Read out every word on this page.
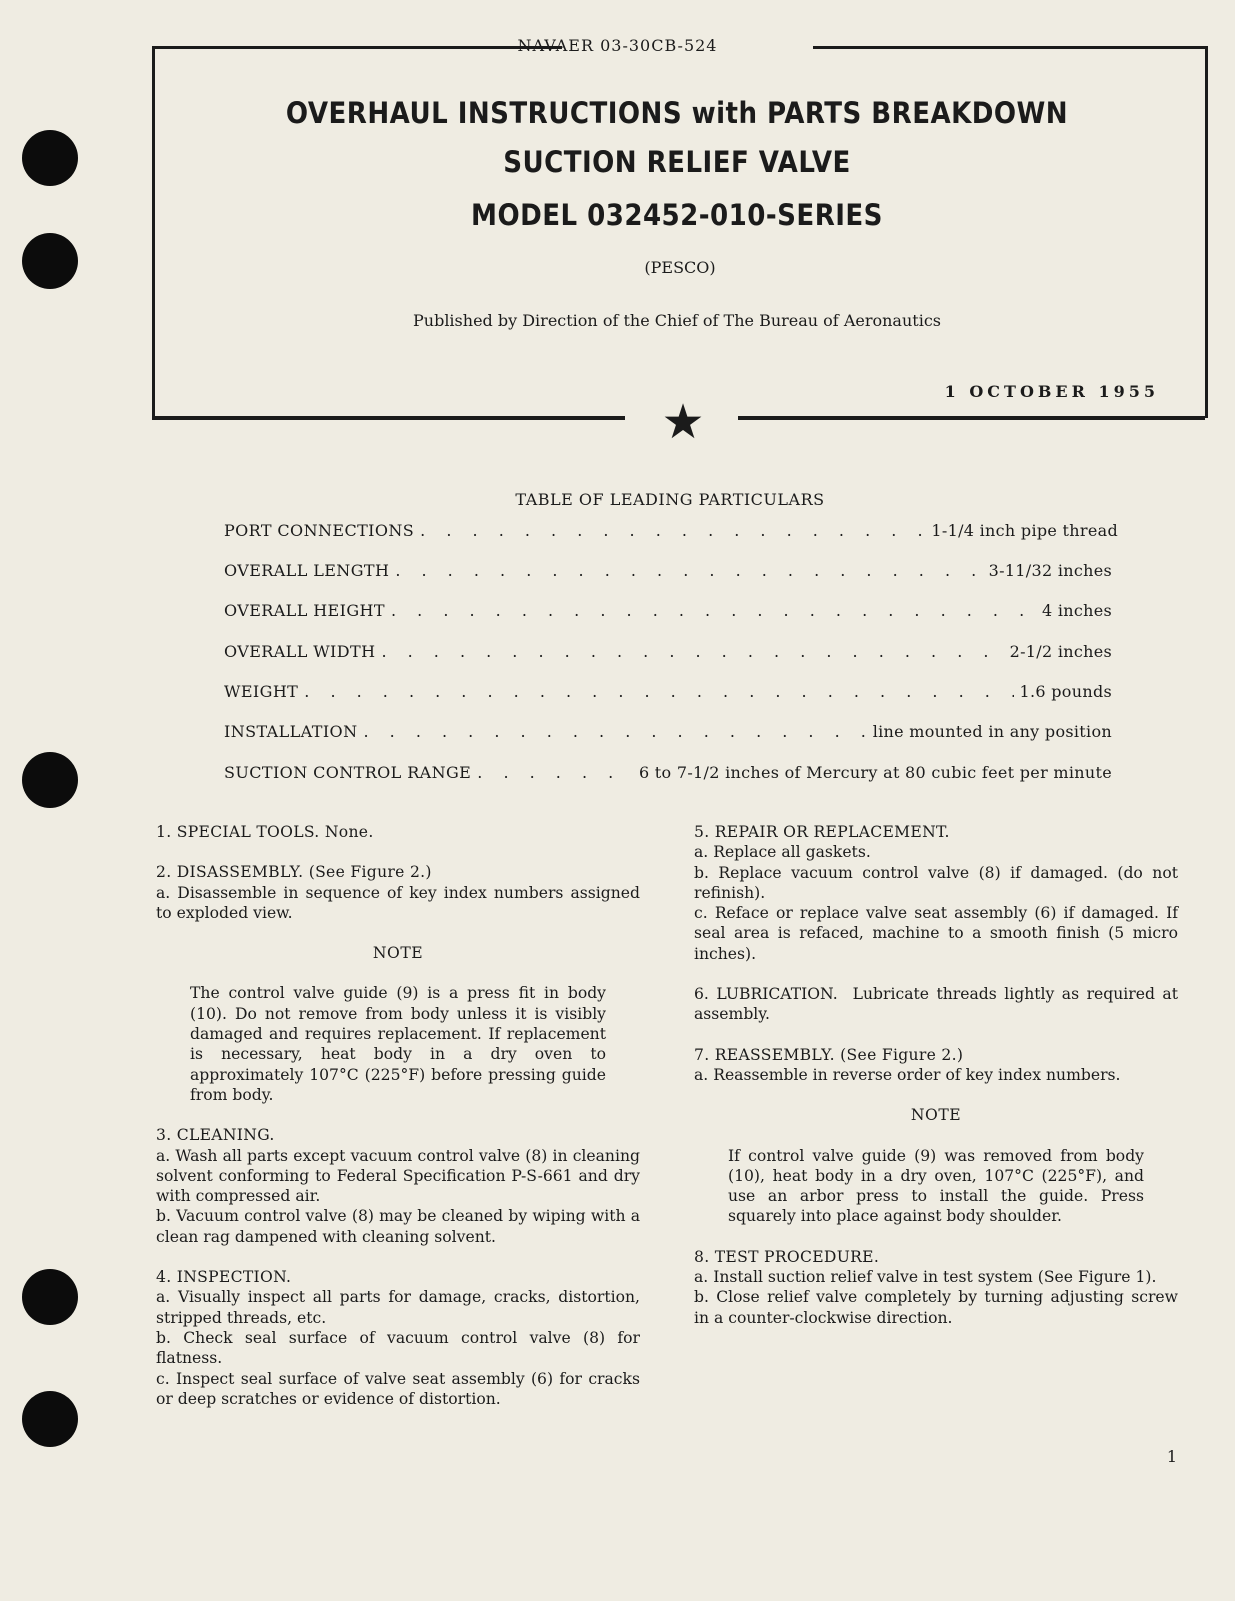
NAVAER 03-30CB-524
★
OVERHAUL INSTRUCTIONS with PARTS BREAKDOWN
SUCTION RELIEF VALVE
MODEL 032452-010-SERIES
(PESCO)
Published by Direction of the Chief of The Bureau of Aeronautics
1 OCTOBER 1955
TABLE OF LEADING PARTICULARS
PORT CONNECTIONS . . .	1-1/4 inch pipe thread
OVERALL LENGTH . . .	3-11/32 inches
OVERALL HEIGHT . . .	4 inches
OVERALL WIDTH . . .	2-1/2 inches
WEIGHT . . .	1.6 pounds
INSTALLATION . . .	line mounted in any position
SUCTION CONTROL RANGE . . .	6 to 7-1/2 inches of Mercury at 80 cubic feet per minute

1. SPECIAL TOOLS. None.

2. DISASSEMBLY. (See Figure 2.)

a. Disassemble in sequence of key index numbers assigned to exploded view.

NOTE

The control valve guide (9) is a press fit in body (10). Do not remove from body unless it is visibly damaged and requires replacement. If replacement is necessary, heat body in a dry oven to approximately 107°C (225°F) before pressing guide from body.

3. CLEANING.

a. Wash all parts except vacuum control valve (8) in cleaning solvent conforming to Federal Specification P-S-661 and dry with compressed air.

b. Vacuum control valve (8) may be cleaned by wiping with a clean rag dampened with cleaning solvent.

4. INSPECTION.

a. Visually inspect all parts for damage, cracks, distortion, stripped threads, etc.

b. Check seal surface of vacuum control valve (8) for flatness.

c. Inspect seal surface of valve seat assembly (6) for cracks or deep scratches or evidence of distortion.

5. REPAIR OR REPLACEMENT.

a. Replace all gaskets.

b. Replace vacuum control valve (8) if damaged. (do not refinish).

c. Reface or replace valve seat assembly (6) if damaged. If seal area is refaced, machine to a smooth finish (5 micro inches).

6. LUBRICATION. Lubricate threads lightly as required at assembly.

7. REASSEMBLY. (See Figure 2.)

a. Reassemble in reverse order of key index numbers.

NOTE

If control valve guide (9) was removed from body (10), heat body in a dry oven, 107°C (225°F), and use an arbor press to install the guide. Press squarely into place against body shoulder.

8. TEST PROCEDURE.

a. Install suction relief valve in test system (See Figure 1).

b. Close relief valve completely by turning adjusting screw in a counter-clockwise direction.

1
